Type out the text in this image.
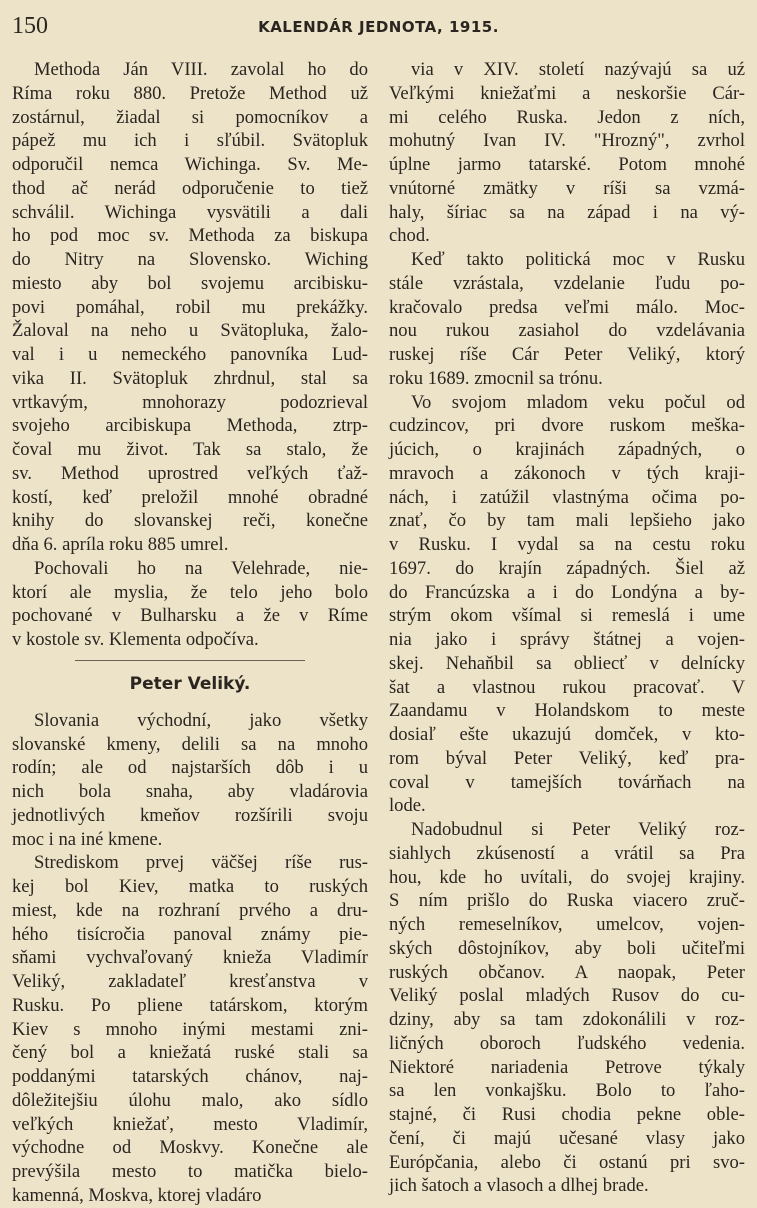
150	KALENDÁR JEDNOTA, 1915.
Methoda Ján VIII. zavolal ho do
Ríma roku 880. Pretože Method už
zostárnul, žiadal si pomocníkov a
pápež mu ich i sľúbil. Svätopluk
odporučil nemca Wichinga. Sv. Me-
thod ač nerád odporučenie to tiež
schválil. Wichinga vysvätili a dali
ho pod moc sv. Methoda za biskupa
do Nitry na Slovensko. Wiching
miesto aby bol svojemu arcibisku-
povi pomáhal, robil mu prekážky.
Žaloval na neho u Svätopluka, žalo-
val i u nemeckého panovníka Lud-
vika II. Svätopluk zhrdnul, stal sa
vrtkavým, mnohorazy podozrieval
svojeho arcibiskupa Methoda, ztrp-
čoval mu život. Tak sa stalo, že
sv. Method uprostred veľkých ťaž-
kostí, keď preložil mnohé obradné
knihy do slovanskej reči, konečne
dňa 6. apríla roku 885 umrel.
Pochovali ho na Velehrade, nie-
ktorí ale myslia, že telo jeho bolo
pochované v Bulharsku a že v Ríme
v kostole sv. Klementa odpočíva.
Peter Veliký.
Slovania východní, jako všetky
slovanské kmeny, delili sa na mnoho
rodín; ale od najstarších dôb i u
nich bola snaha, aby vladárovia
jednotlivých kmeňov rozšírili svoju
moc i na iné kmene.
Strediskom prvej väčšej ríše rus-
kej bol Kiev, matka to ruských
miest, kde na rozhraní prvého a dru-
hého tisícročia panoval známy pie-
sňami vychvaľovaný knieža Vladimír
Veliký, zakladateľ kresťanstva v
Rusku. Po pliene tatárskom, ktorým
Kiev s mnoho inými mestami zni-
čený bol a kniežatá ruské stali sa
poddanými tatarských chánov, naj-
dôležitejšiu úlohu malo, ako sídlo
veľkých kniežať, mesto Vladimír,
východne od Moskvy. Konečne ale
prevýšila mesto to matička bielo-
kamenná, Moskva, ktorej vladáro
via v XIV. století nazývajú sa uź
Veľkými kniežaťmi a neskoršie Cár-
mi celého Ruska. Jedon z ních,
mohutný Ivan IV. "Hrozný", zvrhol
úplne jarmo tatarské. Potom mnohé
vnútorné zmätky v ríši sa vzmá-
haly, šíriac sa na západ i na vý-
chod.
Keď takto politická moc v Rusku
stále vzrástala, vzdelanie ľudu po-
kračovalo predsa veľmi málo. Moc-
nou rukou zasiahol do vzdelávania
ruskej ríše Cár Peter Veliký, ktorý
roku 1689. zmocnil sa trónu.
Vo svojom mladom veku počul od
cudzincov, pri dvore ruskom meška-
júcich, o krajinách západných, o
mravoch a zákonoch v tých kraji-
nách, i zatúžil vlastnýma očima po-
znať, čo by tam mali lepšieho jako
v Rusku. I vydal sa na cestu roku
1697. do krajín západných. Šiel až
do Francúzska a i do Londýna a by-
strým okom všímal si remeslá i ume
nia jako i správy štátnej a vojen-
skej. Nehaňbil sa obliecť v delnícky
šat a vlastnou rukou pracovať. V
Zaandamu v Holandskom to meste
dosiaľ ešte ukazujú domček, v kto-
rom býval Peter Veliký, keď pra-
coval v tamejších továrňach na
lode.
Nadobudnul si Peter Veliký roz-
siahlych zkúseností a vrátil sa Pra
hou, kde ho uvítali, do svojej krajiny.
S ním prišlo do Ruska viacero zruč-
ných remeselníkov, umelcov, vojen-
ských dôstojníkov, aby boli učiteľmi
ruských občanov. A naopak, Peter
Veliký poslal mladých Rusov do cu-
dziny, aby sa tam zdokonálili v roz-
ličných oboroch ľudského vedenia.
Niektoré nariadenia Petrove týkaly
sa len vonkajšku. Bolo to ľaho-
stajné, či Rusi chodia pekne oble-
čení, či majú učesané vlasy jako
Európčania, alebo či ostanú pri svo-
jich šatoch a vlasoch a dlhej brade.
